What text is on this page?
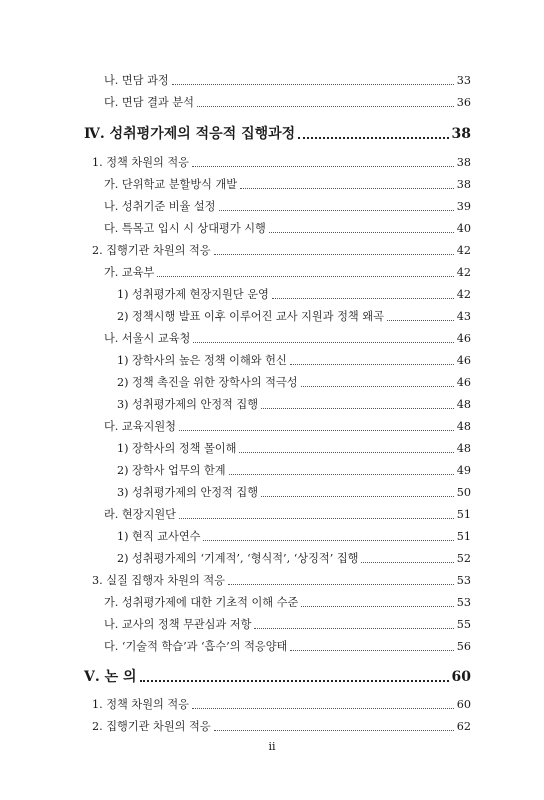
나. 면담 과정	33
다. 면담 결과 분석	36
Ⅳ. 성취평가제의 적응적 집행과정	38
1. 정책 차원의 적응	38
가. 단위학교 분할방식 개발	38
나. 성취기준 비율 설정	39
다. 특목고 입시 시 상대평가 시행	40
2. 집행기관 차원의 적응	42
가. 교육부	42
1) 성취평가제 현장지원단 운영	42
2) 정책시행 발표 이후 이루어진 교사 지원과 정책 왜곡	43
나. 서울시 교육청	46
1) 장학사의 높은 정책 이해와 헌신	46
2) 정책 촉진을 위한 장학사의 적극성	46
3) 성취평가제의 안정적 집행	48
다. 교육지원청	48
1) 장학사의 정책 몰이해	48
2) 장학사 업무의 한계	49
3) 성취평가제의 안정적 집행	50
라. 현장지원단	51
1) 현직 교사연수	51
2) 성취평가제의 ‘기계적’, ‘형식적’, ‘상징적’ 집행	52
3. 실질 집행자 차원의 적응	53
가. 성취평가제에 대한 기초적 이해 수준	53
나. 교사의 정책 무관심과 저항	55
다. ‘기술적 학습’과 ‘흡수’의 적응양태	56
Ⅴ. 논 의	60
1. 정책 차원의 적응	60
2. 집행기관 차원의 적응	62
ii
